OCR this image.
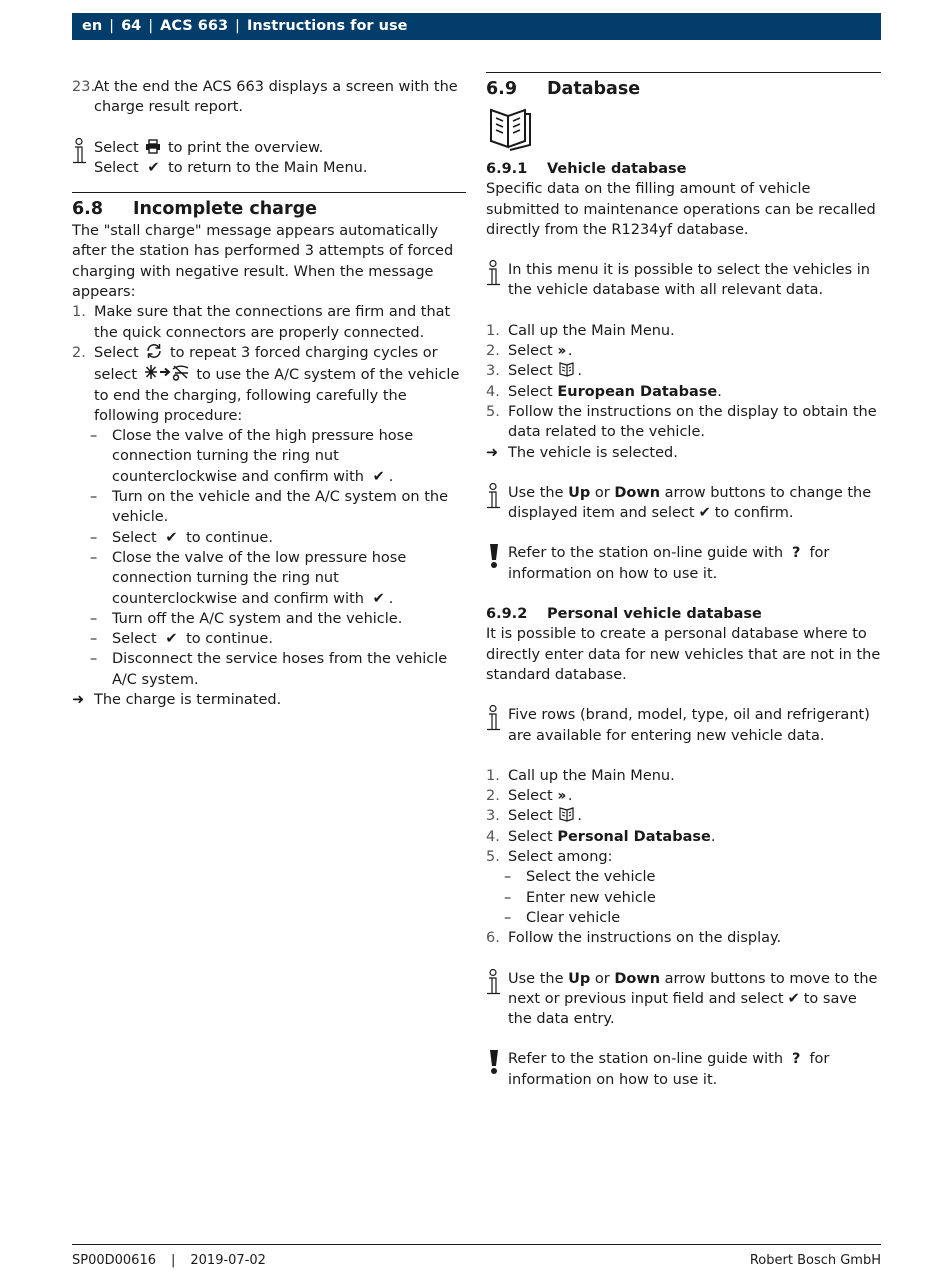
en | 64 | ACS 663 | Instructions for use
23.
At the end the ACS 663 displays a screen with the charge result report.

Select to print the overview.

Select ✔ to return to the Main Menu.

6.8	Incomplete charge

The "stall charge" message appears automatically after the station has performed 3 attempts of forced charging with negative result. When the message appears:

1. Make sure that the connections are firm and that the quick connectors are properly connected.
2. Select to repeat 3 forced charging cycles or select	to use the A/C system of the vehicle to end the charging, following carefully the following procedure:
– Close the valve of the high pressure hose connection turning the ring nut counterclockwise and confirm with ✔ .
– Turn on the vehicle and the A/C system on the vehicle.
– Select ✔ to continue.
– Close the valve of the low pressure hose connection turning the ring nut counterclockwise and confirm with ✔ .
– Turn off the A/C system and the vehicle.
– Select ✔ to continue.
– Disconnect the service hoses from the vehicle A/C system.
➜ The charge is terminated.
6.9	Database
6.9.1	Vehicle database

Specific data on the filling amount of vehicle submitted to maintenance operations can be recalled directly from the R1234yf database.

In this menu it is possible to select the vehicles in the vehicle database with all relevant data.

1. Call up the Main Menu.
2. Select ›› .
3. Select .
4. Select European Database.
5. Follow the instructions on the display to obtain the data related to the vehicle.
➜ The vehicle is selected.

Use the Up or Down arrow buttons to change the displayed item and select ✔ to confirm.

Refer to the station on-line guide with ? for information on how to use it.

6.9.2	Personal vehicle database

It is possible to create a personal database where to directly enter data for new vehicles that are not in the standard database.

Five rows (brand, model, type, oil and refrigerant) are available for entering new vehicle data.

1. Call up the Main Menu.
2. Select ›› .
3. Select .
4. Select Personal Database.
5. Select among:
– Select the vehicle
– Enter new vehicle
– Clear vehicle
6. Follow the instructions on the display.

Use the Up or Down arrow buttons to move to the next or previous input field and select ✔ to save the data entry.

Refer to the station on-line guide with ? for information on how to use it.

SP00D00616 | 2019-07-02	Robert Bosch GmbH
